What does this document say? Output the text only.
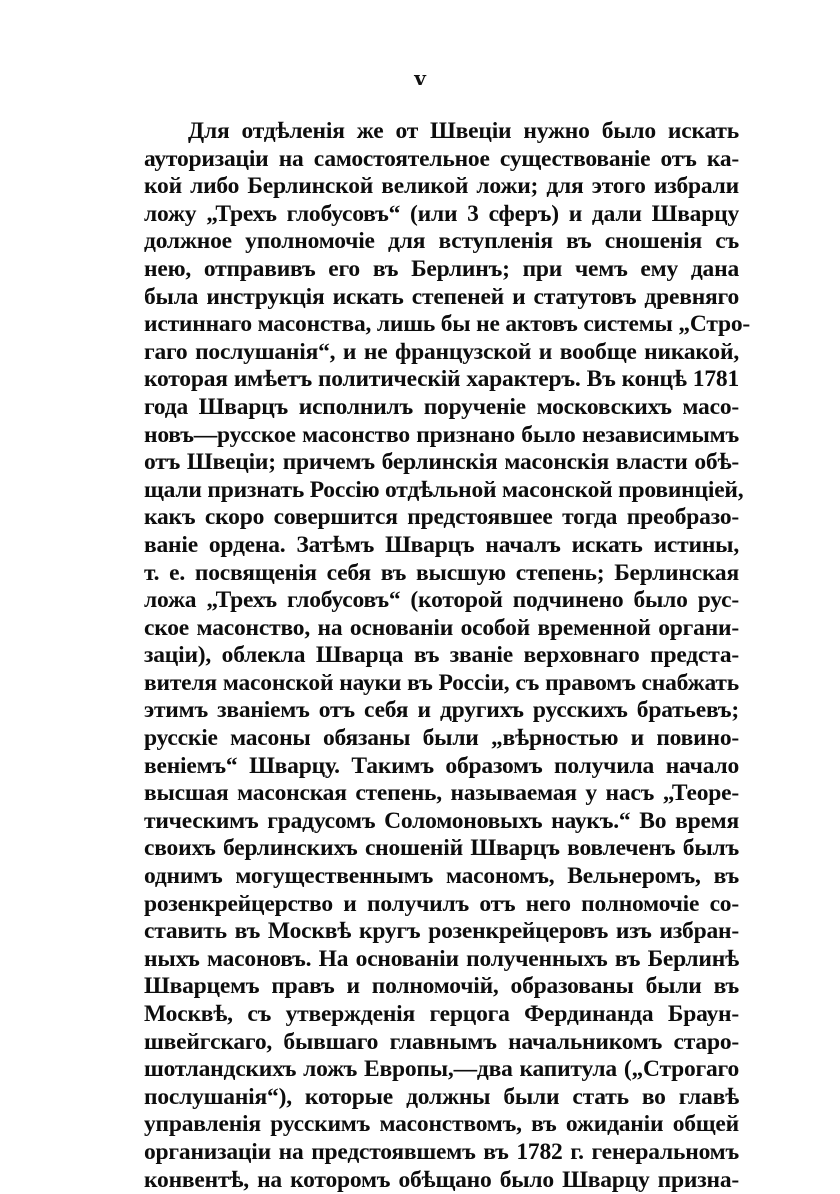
v
Для отдѣленія же от Швеціи нужно было искать
ауторизаціи на самостоятельное существованіе отъ ка-
кой либо Берлинской великой ложи; для этого избрали
ложу „Трехъ глобусовъ“ (или 3 сферъ) и дали Шварцу
должное уполномочіе для вступленія въ сношенія съ
нею, отправивъ его въ Берлинъ; при чемъ ему дана
была инструкція искать степеней и статутовъ древняго
истиннаго масонства, лишь бы не актовъ системы „Стро-
гаго послушанія“, и не французской и вообще никакой,
которая имѣетъ политическій характеръ. Въ концѣ 1781
года Шварцъ исполнилъ порученіе московскихъ масо-
новъ—русское масонство признано было независимымъ
отъ Швеціи; причемъ берлинскія масонскія власти обѣ-
щали признать Россію отдѣльной масонской провинціей,
какъ скоро совершится предстоявшее тогда преобразо-
ваніе ордена. Затѣмъ Шварцъ началъ искать истины,
т. е. посвященія себя въ высшую степень; Берлинская
ложа „Трехъ глобусовъ“ (которой подчинено было рус-
ское масонство, на основаніи особой временной органи-
заціи), облекла Шварца въ званіе верховнаго предста-
вителя масонской науки въ Россіи, съ правомъ снабжать
этимъ званіемъ отъ себя и другихъ русскихъ братьевъ;
русскіе масоны обязаны были „вѣрностью и повино-
веніемъ“ Шварцу. Такимъ образомъ получила начало
высшая масонская степень, называемая у насъ „Теоре-
тическимъ градусомъ Соломоновыхъ наукъ.“ Во время
своихъ берлинскихъ сношеній Шварцъ вовлеченъ былъ
однимъ могущественнымъ масономъ, Вельнеромъ, въ
розенкрейцерство и получилъ отъ него полномочіе со-
ставить въ Москвѣ кругъ розенкрейцеровъ изъ избран-
ныхъ масоновъ. На основаніи полученныхъ въ Берлинѣ
Шварцемъ правъ и полномочій, образованы были въ
Москвѣ, съ утвержденія герцога Фердинанда Браун-
швейгскаго, бывшаго главнымъ начальникомъ старо-
шотландскихъ ложъ Европы,—два капитула („Строгаго
послушанія“), которые должны были стать во главѣ
управленія русскимъ масонствомъ, въ ожиданіи общей
организаціи на предстоявшемъ въ 1782 г. генеральномъ
конвентѣ, на которомъ обѣщано было Шварцу призна-
